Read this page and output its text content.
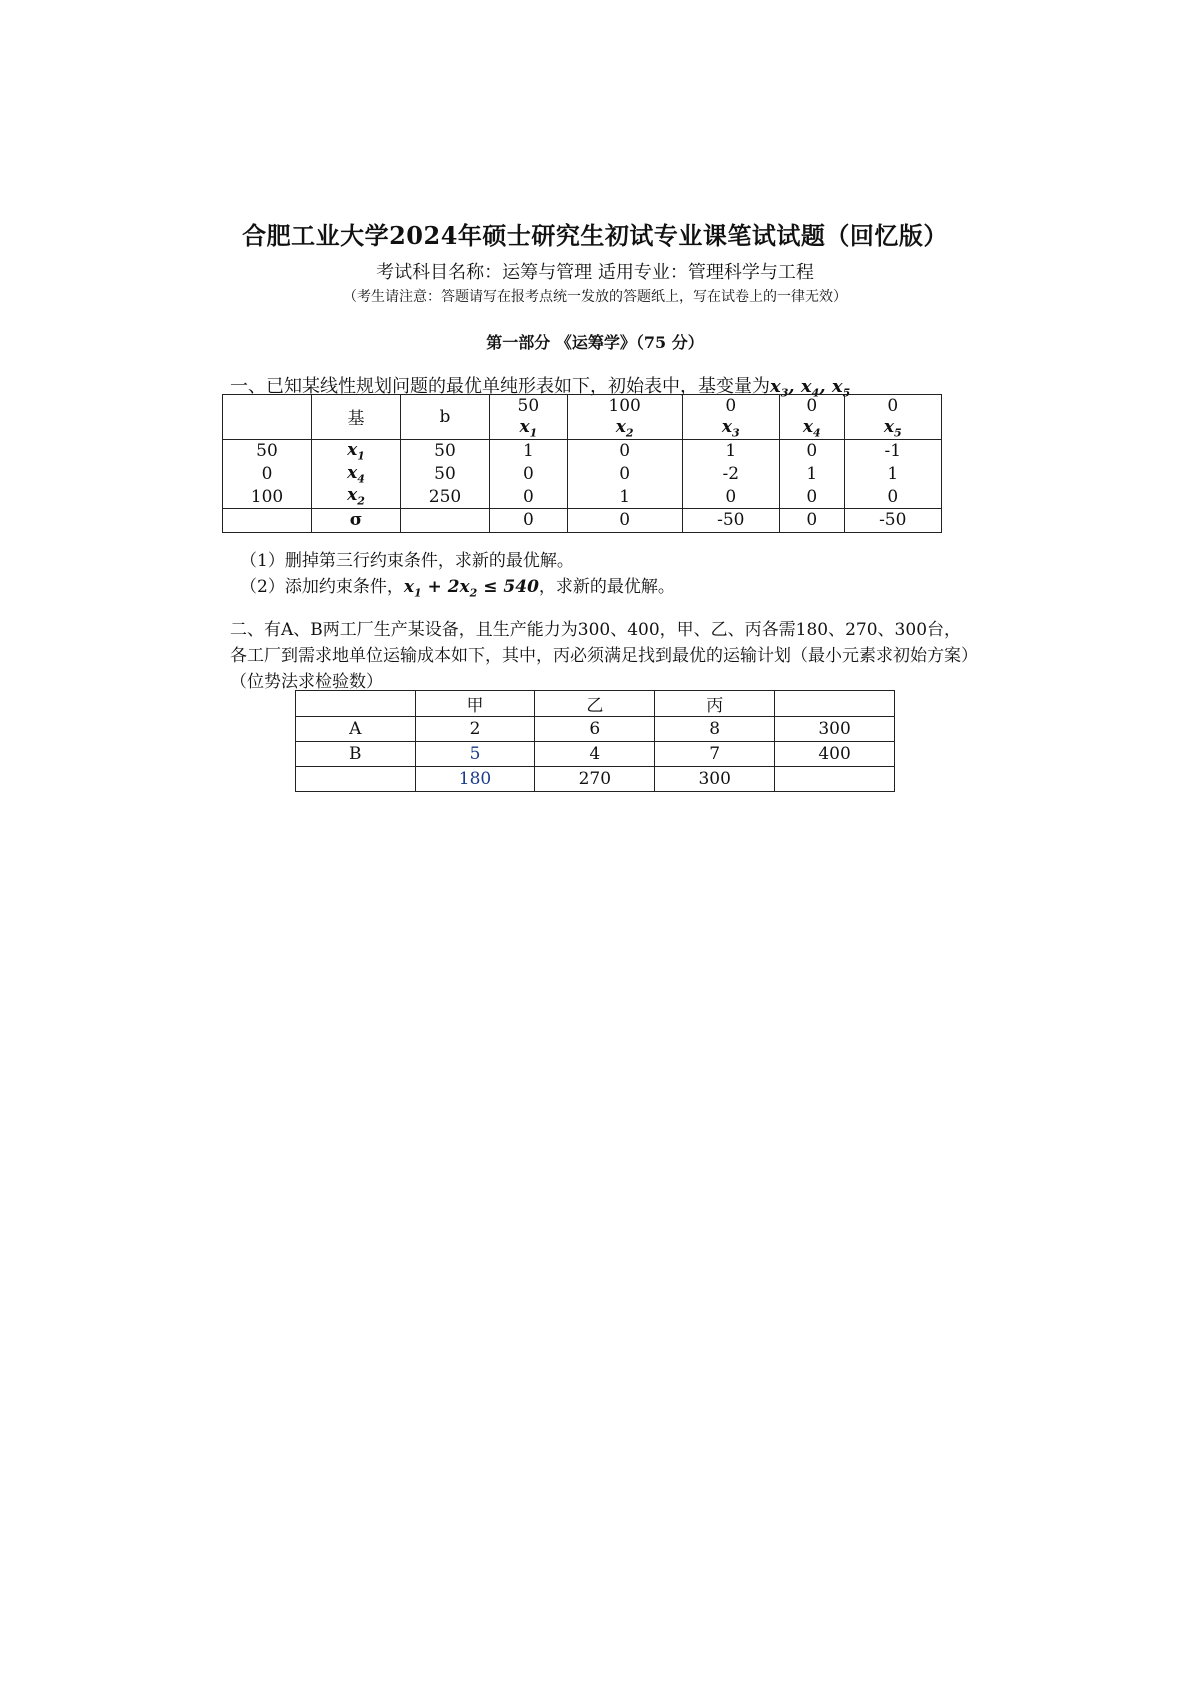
合肥工业大学2024年硕士研究生初试专业课笔试试题（回忆版）
考试科目名称：运筹与管理 适用专业：管理科学与工程
（考生请注意：答题请写在报考点统一发放的答题纸上，写在试卷上的一律无效）
第一部分 《运筹学》（75 分）
一、已知某线性规划问题的最优单纯形表如下，初始表中，基变量为$x_3$, $x_4$, $x_5$
	基	b	50	100	0	0	0
			$x_1$	$x_2$	$x_3$	$x_4$	$x_5$
50	$x_1$	50	1	0	1	0	-1
0	$x_4$	50	0	0	-2	1	1
100	$x_2$	250	0	1	0	0	0
	σ		0	0	-50	0	-50
（1）删掉第三行约束条件，求新的最优解。
（2）添加约束条件，$x_1 + 2x_2 \le 540$，求新的最优解。
二、有A、B两工厂生产某设备，且生产能力为300、400，甲、乙、丙各需180、270、300台，各工厂到需求地单位运输成本如下，其中，丙必须满足找到最优的运输计划（最小元素求初始方案）（位势法求检验数）
	甲	乙	丙	
A	2	6	8	300
B	5	4	7	400
	180	270	300	
